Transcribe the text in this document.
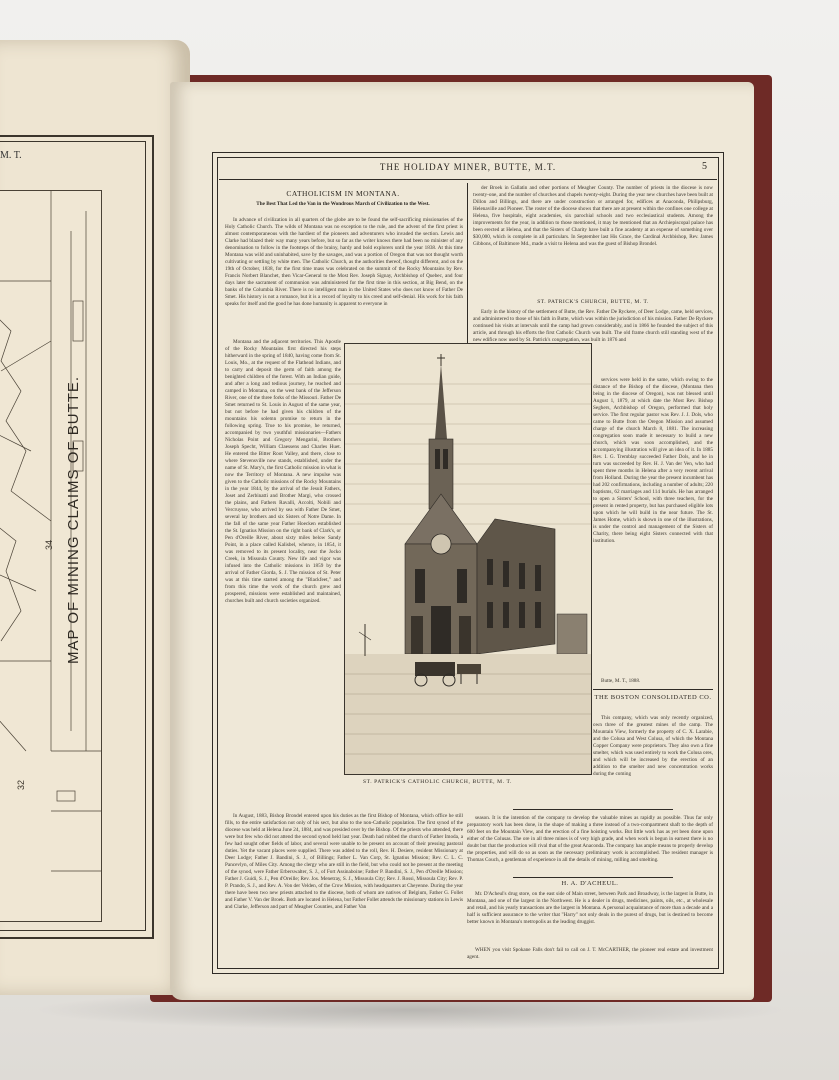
M. T.
34
32
MAP OF MINING CLAIMS OF BUTTE.
THE HOLIDAY MINER, BUTTE, M.T.	5
CATHOLICISM IN MONTANA.
The Best That Led the Van in the Wondrous March of Civilization to the West.

In advance of civilization in all quarters of the globe are to be found the self-sacrificing missionaries of the Holy Catholic Church. The wilds of Montana was no exception to the rule, and the advent of the first priest is almost contemporaneous with the hardiest of the pioneers and adventurers who invaded the section. Lewis and Clarke had blazed their way many years before, but so far as the writer knows there had been no minister of any denomination to follow in the footsteps of the brainy, hardy and bold explorers until the year 1838. At this time Montana was wild and uninhabited, save by the savages, and was a portion of Oregon that was not thought worth cultivating or settling by white men. The Catholic Church, as the authorities thereof, thought different, and on the 19th of October, 1838, for the first time mass was celebrated on the summit of the Rocky Mountains by Rev. Francis Norbert Blanchet, then Vicar-General to the Most Rev. Joseph Signay, Archbishop of Quebec, and four days later the sacrament of communion was administered for the first time in this section, at Big Bend, on the banks of the Columbia River. There is no intelligent man in the United States who does not know of Father De Smet. His history is not a romance, but it is a record of loyalty to his creed and self-denial. His work for his faith speaks for itself and the good he has done humanity is apparent to everyone in

Montana and the adjacent territories. This Apostle of the Rocky Mountains first directed his steps hitherward in the spring of 1840, having come from St. Louis, Mo., at the request of the Flathead Indians, and to carry and deposit the germ of faith among the benighted children of the forest. With an Indian guide, and after a long and tedious journey, he reached and camped in Montana, on the west bank of the Jefferson River, one of the three forks of the Missouri. Father De Smet returned to St. Louis in August of the same year, but not before he had given his children of the mountains his solemn promise to return in the following spring. True to his promise, he returned, accompanied by two youthful missionaries—Fathers Nicholas Point and Gregory Mengarini, Brothers Joseph Specht, William Claessens and Charles Huet. He entered the Bitter Root Valley, and there, close to where Stevensville now stands, established, under the name of St. Mary's, the first Catholic mission in what is now the Territory of Montana. A new impulse was given to the Catholic missions of the Rocky Mountains in the year 1844, by the arrival of the Jesuit Fathers, Joset and Zerbinatti and Brother Margi, who crossed the plains, and Fathers Ravalli, Accolti, Nobili and Vercruysse, who arrived by sea with Father De Smet, several lay brothers and six Sisters of Notre Dame. In the fall of the same year Father Hoecken established the St. Ignatius Mission on the right bank of Clark's, or Pen d'Oreille River, about sixty miles below Sandy Point, in a place called Kalisbel, whence, in 1854, it was removed to its present locality, near the Jocko Creek, in Missoula County. New life and vigor was infused into the Catholic missions in 1859 by the arrival of Father Giorda, S. J. The mission of St. Peter was at this time started among the "Blackfeet," and from this time the work of the church grew and prospered, missions were established and maintained, churches built and church societies organized.

In August, 1883, Bishop Brondel entered upon his duties as the first Bishop of Montana, which office he still fills, to the entire satisfaction not only of his sect, but also to the non-Catholic population. The first synod of the diocese was held at Helena June 24, 1884, and was presided over by the Bishop. Of the priests who attended, there were but few who did not attend the second synod held last year. Death had robbed the church of Father Imoda, a few had sought other fields of labor, and several were unable to be present on account of their pressing pastoral duties. Yet the vacant places were supplied. There was added to the roll, Rev. H. Desiere, resident Missionary at Deer Lodge; Father J. Bandini, S. J., of Billings; Father L. Van Corp, St. Ignatius Mission; Rev. C. L. C. Pancevlyn, of Miles City. Among the clergy who are still in the field, but who could not be present at the meeting of the synod, were Father Erberswalter, S. J., of Fort Assinaboine; Father P. Bandini, S. J., Pen d'Oreille Mission; Father J. Guidi, S. J., Pen d'Oreille; Rev. Jos. Menetray, S. J., Missoula City; Rev. J. Rossi, Missoula City; Rev. P. P. Prando, S. J., and Rev. A. Von der Velden, of the Crow Mission, with headquarters at Cheyenne. During the year there have been two new priests attached to the diocese, both of whom are natives of Belgium, Father G. Follet and Father V. Van der Broek. Both are located in Helena, but Father Follet attends the missionary stations in Lewis and Clarke, Jefferson and part of Meagher Counties, and Father Van

der Broek in Gallatin and other portions of Meagher County. The number of priests in the diocese is now twenty-one, and the number of churches and chapels twenty-eight. During the year new churches have been built at Dillon and Billings, and there are under construction or arranged for, edifices at Anaconda, Philipsburg, Helenaville and Pioneer. The roster of the diocese shows that there are at present within the confines one college at Helena, five hospitals, eight academies, six parochial schools and two ecclesiastical students. Among the improvements for the year, in addition to those mentioned, it may be mentioned that an Archiepiscopal palace has been erected at Helena, and that the Sisters of Charity have built a fine academy at an expense of something over $30,000, which is complete in all particulars. In September last His Grace, the Cardinal Archbishop, Rev. James Gibbons, of Baltimore Md., made a visit to Helena and was the guest of Bishop Brondel.

ST. PATRICK'S CHURCH, BUTTE, M. T.

Early in the history of the settlement of Butte, the Rev. Father De Ryckere, of Deer Lodge, came, held services, and administered to those of his faith in Butte, which was within the jurisdiction of his mission. Father De Ryckere continued his visits at intervals until the camp had grown considerably, and in 1866 he founded the subject of this article, and through his efforts the first Catholic Church was built. The old frame church still standing west of the new edifice now used by St. Patrick's congregation, was built in 1876 and

services were held in the same, which owing to the distance of the Bishop of the diocese, (Montana then being in the diocese of Oregon), was not blessed until August 1, 1879, at which date the Most Rev. Bishop Seghers, Archbishop of Oregon, performed that holy service. The first regular pastor was Rev. J. J. Dols, who came to Butte from the Oregon Mission and assumed charge of the church March 8, 1881. The increasing congregation soon made it necessary to build a new church, which was soon accomplished, and the accompanying illustration will give an idea of it. In 1885 Rev. I. G. Tremblay succeeded Father Dols, and he in turn was succeeded by Rev. H. J. Van der Ven, who had spent three months in Helena after a very recent arrival from Holland. During the year the present incumbent has had 202 confirmations, including a number of adults; 220 baptisms, 62 marriages and 114 burials. He has arranged to open a Sisters' School, with three teachers, for the present in rented property, but has purchased eligible lots upon which he will build in the near future. The St. James Home, which is shown in one of the illustrations, is under the control and management of the Sisters of Charity, there being eight Sisters connected with that institution.

Butte, M. T., 1888.

THE BOSTON CONSOLIDATED CO.

This company, which was only recently organized, own three of the greatest mines of the camp. The Mountain View, formerly the property of C. X. Larabie, and the Colusa and West Colusa, of which the Montana Copper Company were proprietors. They also own a fine smelter, which was used entirely to work the Colusa ores, and which will be increased by the erection of an addition to the smelter and new concentration works during the coming

season. It is the intention of the company to develop the valuable mines as rapidly as possible. Thus far only preparatory work has been done, in the shape of making a three instead of a two-compartment shaft to the depth of 600 feet on the Mountain View, and the erection of a fine hoisting works. But little work has as yet been done upon either of the Colusas. The ore in all three mines is of very high grade, and when work is begun in earnest there is no doubt but that the production will rival that of the great Anaconda. The company has ample means to properly develop the properties, and will do so as soon as the necessary preliminary work is accomplished. The resident manager is Thomas Couch, a gentleman of experience in all the details of mining, milling and smelting.

H. A. D'ACHEUL.

Mr. D'Acheul's drug store, on the east side of Main street, between Park and Broadway, is the largest in Butte, in Montana, and one of the largest in the Northwest. He is a dealer in drugs, medicines, paints, oils, etc., at wholesale and retail, and his yearly transactions are the largest in Montana. A personal acquaintance of more than a decade and a half is sufficient assurance to the writer that "Harry" not only deals in the purest of drugs, but is destined to become better known in Montana's metropolis as the leading druggist.

WHEN you visit Spokane Falls don't fail to call on J. T. McCARTHER, the pioneer real estate and investment agent.

ST. PATRICK'S CATHOLIC CHURCH, BUTTE, M. T.
